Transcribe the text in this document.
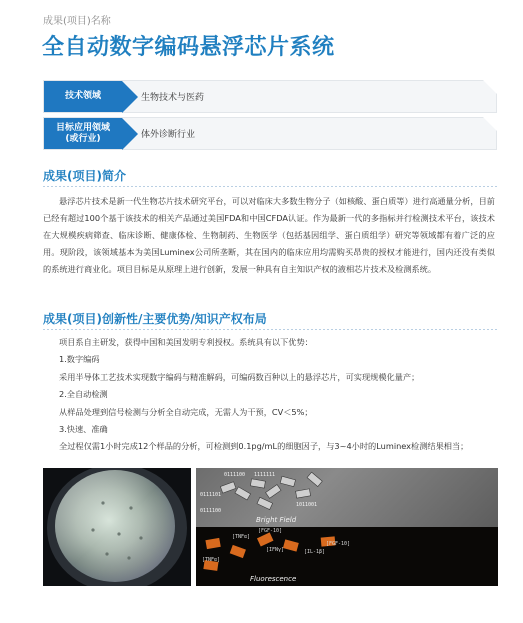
成果(项目)名称
全自动数字编码悬浮芯片系统
技术领域	生物技术与医药
目标应用领域
(或行业)	体外诊断行业
成果(项目)简介
悬浮芯片技术是新一代生物芯片技术研究平台，可以对临床大多数生物分子（如核酸、蛋白质等）进行高通量分析，目前已经有超过100个基于该技术的相关产品通过美国FDA和中国CFDA认证。作为最新一代的多指标并行检测技术平台，该技术在大规模疾病筛查、临床诊断、健康体检、生物制药、生物医学（包括基因组学、蛋白质组学）研究等领域都有着广泛的应用。现阶段，该领域基本为美国Luminex公司所垄断，其在国内的临床应用均需购买昂贵的授权才能进行，国内还没有类似的系统进行商业化。项目目标是从原理上进行创新，发展一种具有自主知识产权的液相芯片技术及检测系统。
成果(项目)创新性/主要优势/知识产权布局
项目系自主研发，获得中国和美国发明专利授权。系统具有以下优势：
1.数字编码
采用半导体工艺技术实现数字编码与精准解码，可编码数百种以上的悬浮芯片，可实现规模化量产；
2.全自动检测
从样品处理到信号检测与分析全自动完成，无需人为干预，CV＜5%；
3.快速、准确
全过程仅需1小时完成12个样品的分析，可检测到0.1pg/mL的细胞因子，与3~4小时的Luminex检测结果相当；
0111100 1111111
0111101
1011001
0111100
Bright Field
[TNFα]
[FGF-10]
[IFNγ]	[IL-1β]
[FGF-10]
[TNFα]
Fluorescence
